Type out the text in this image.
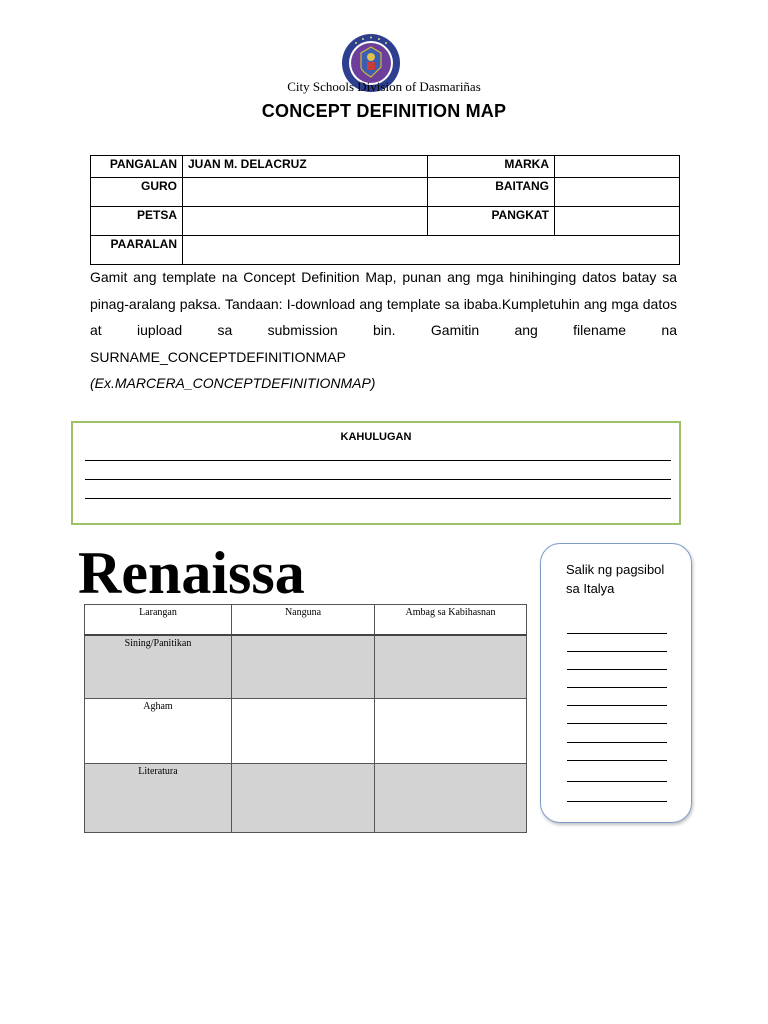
City Schools Division of Dasmariñas
CONCEPT DEFINITION MAP
PANGALAN	JUAN M. DELACRUZ	MARKA	
GURO		BAITANG	
PETSA		PANGKAT	
PAARALAN			

Gamit ang template na Concept Definition Map, punan ang mga hinihinging datos batay sa pinag-aralang paksa. Tandaan: I-download ang template sa ibaba.Kumpletuhin ang mga datos at iupload sa submission bin. Gamitin ang filename na SURNAME_CONCEPTDEFINITIONMAP

(Ex.MARCERA_CONCEPTDEFINITIONMAP)

KAHULUGAN
Renaissa
Larangan	Nanguna	Ambag sa Kabihasnan
Sining/Panitikan		
Agham		
Literatura		
Salik ng pagsibol sa Italya
